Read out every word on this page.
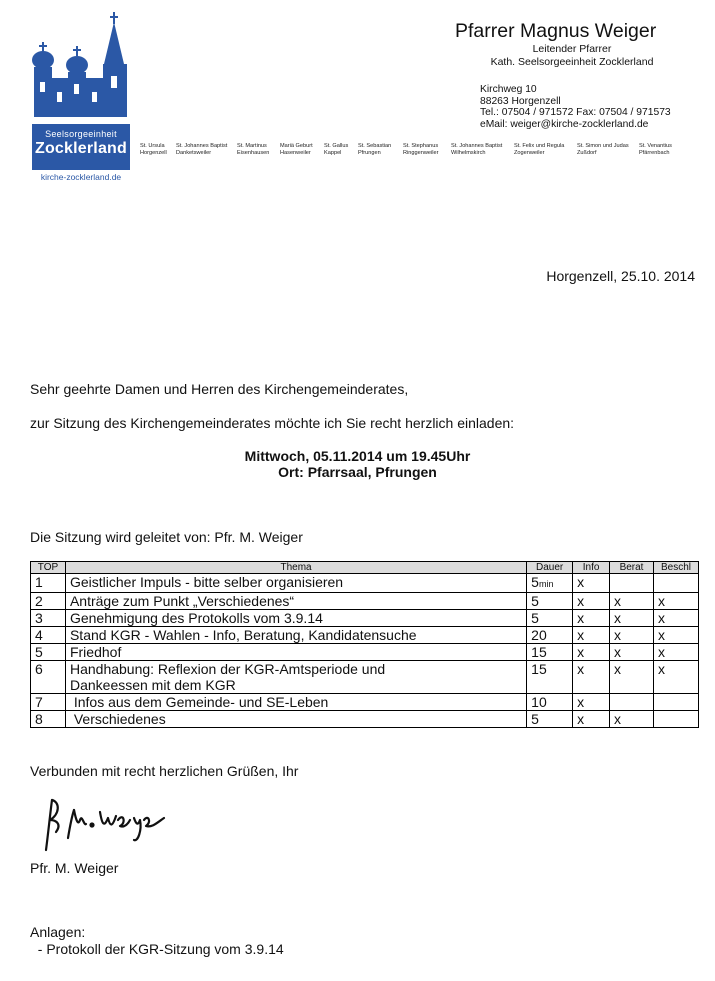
Seelsorgeeinheit
Zocklerland
kirche-zocklerland.de
Pfarrer Magnus Weiger
Leitender Pfarrer
Kath. Seelsorgeeinheit Zocklerland
Kirchweg 10
88263 Horgenzell
Tel.: 07504 / 971572 Fax: 07504 / 971573
eMail: weiger@kirche-zocklerland.de
St. Ursula
Horgenzell
St. Johannes Baptist
Danketsweiler
St. Martinus
Eisenhausen
Mariä Geburt
Hasenweiler
St. Gallus
Kappel
St. Sebastian
Pfrungen
St. Stephanus
Ringgenweiler
St. Johannes Baptist
Wilhelmskirch
St. Felix und Regula
Zogenweiler
St. Simon und Judas
Zußdorf
St. Venantius
Pfärrenbach
Horgenzell, 25.10. 2014
Sehr geehrte Damen und Herren des Kirchengemeinderates,
zur Sitzung des Kirchengemeinderates möchte ich Sie recht herzlich einladen:
Mittwoch, 05.11.2014 um 19.45Uhr
Ort: Pfarrsaal, Pfrungen
Die Sitzung wird geleitet von: Pfr. M. Weiger
TOP	Thema	Dauer	Info	Berat	Beschl
1	Geistlicher Impuls - bitte selber organisieren	5min	x		
2	Anträge zum Punkt „Verschiedenes“	5	x	x	x
3	Genehmigung des Protokolls vom 3.9.14	5	x	x	x
4	Stand KGR - Wahlen - Info, Beratung, Kandidatensuche	20	x	x	x
5	Friedhof	15	x	x	x
6	Handhabung: Reflexion der KGR-Amtsperiode und Dankeessen mit dem KGR	15	x	x	x
7	Infos aus dem Gemeinde- und SE-Leben	10	x		
8	Verschiedenes	5	x	x	
Verbunden mit recht herzlichen Grüßen, Ihr
Pfr. M. Weiger
Anlagen:
- Protokoll der KGR-Sitzung vom 3.9.14
